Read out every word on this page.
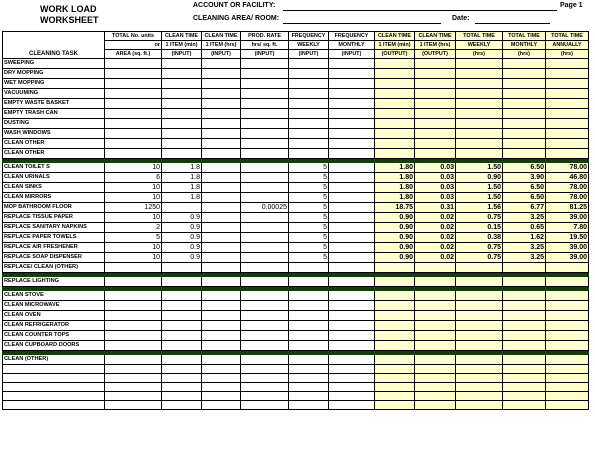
WORK LOAD
WORKSHEET
ACCOUNT OR FACILITY:	Page 1
CLEANING AREA/ ROOM:	Date:
CLEANING TASK	TOTAL No. units	CLEAN TIME	CLEAN TIME	PROD. RATE	FREQUENCY	FREQUENCY	CLEAN TIME	CLEAN TIME	TOTAL TIME	TOTAL TIME	TOTAL TIME
	or	1 ITEM (min)	1 ITEM (hrs)	hrs/ sq. ft.	WEEKLY	MONTHLY	1 ITEM (min)	1 ITEM (hrs)	WEEKLY	MONTHLY	ANNUALLY
	AREA (sq. ft.)	(INPUT)	(INPUT)	(INPUT)	(INPUT)	(INPUT)	(OUTPUT)	(OUTPUT)	(hrs)	(hrs)	(hrs)
SWEEPING											
DRY MOPPING											
WET MOPPING											
VACUUMING											
EMPTY WASTE BASKET											
EMPTY TRASH CAN											
DUSTING											
WASH WINDOWS											
CLEAN OTHER											
CLEAN OTHER											

CLEAN TOILET S	10	1.8			5		1.80	0.03	1.50	6.50	78.00
CLEAN URINALS	6	1.8			5		1.80	0.03	0.90	3.90	46.80
CLEAN SINKS	10	1.8			5		1.80	0.03	1.50	6.50	78.00
CLEAN MIRRORS	10	1.8			5		1.80	0.03	1.50	6.50	78.00
MOP BATHROOM FLOOR	1250			0.00025	5		18.75	0.31	1.56	6.77	81.25
REPLACE TISSUE PAPER	10	0.9			5		0.90	0.02	0.75	3.25	39.00
REPLACE SANITARY NAPKINS	2	0.9			5		0.90	0.02	0.15	0.65	7.80
REPLACE PAPER TOWELS	5	0.9			5		0.90	0.02	0.38	1.62	19.50
REPLACE AIR FRESHENER	10	0.9			5		0.90	0.02	0.75	3.25	39.00
REPLACE SOAP DISPENSER	10	0.9			5		0.90	0.02	0.75	3.25	39.00
REPLACE/ CLEAN (OTHER)											

REPLACE LIGHTING											

CLEAN STOVE											
CLEAN MICROWAVE											
CLEAN OVEN											
CLEAN REFRIGERATOR											
CLEAN COUNTER TOPS											
CLEAN CUPBOARD DOORS											

CLEAN (OTHER)											
